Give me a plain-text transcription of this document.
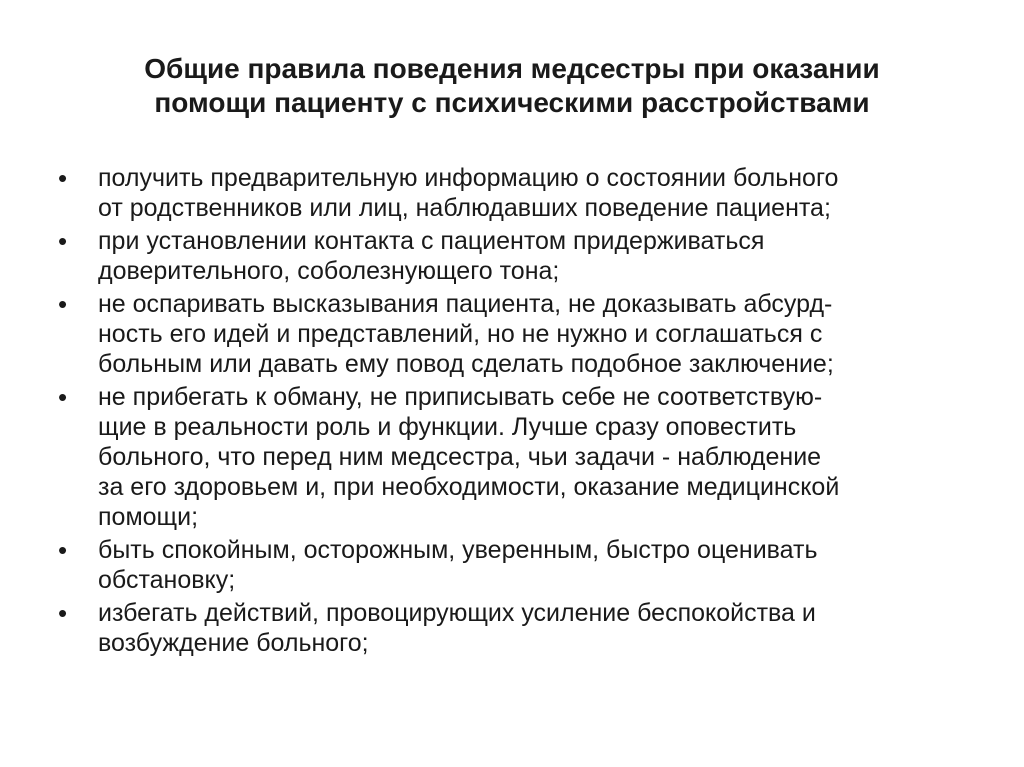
Общие правила поведения медсестры при оказании
помощи пациенту с психическими расстройствами
• получить предварительную информацию о состоянии больного
от родственников или лиц, наблюдавших поведение пациента;
• при установлении контакта с пациентом придерживаться
доверительного, соболезнующего тона;
• не оспаривать высказывания пациента, не доказывать абсурд-
ность его идей и представлений, но не нужно и соглашаться с
больным или давать ему повод сделать подобное заключение;
• не прибегать к обману, не приписывать себе не соответствую-
щие в реальности роль и функции. Лучше сразу оповестить
больного, что перед ним медсестра, чьи задачи - наблюдение
за его здоровьем и, при необходимости, оказание медицинской
помощи;
• быть спокойным, осторожным, уверенным, быстро оценивать
обстановку;
• избегать действий, провоцирующих усиление беспокойства и
возбуждение больного;
